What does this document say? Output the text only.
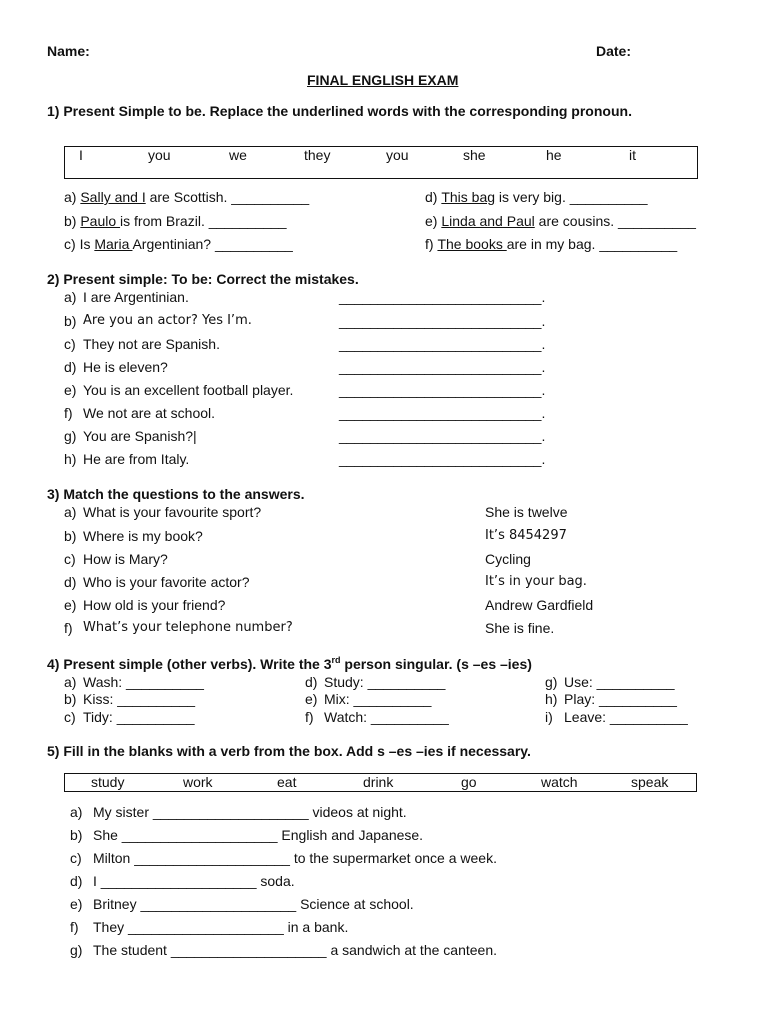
Name:	Date:
FINAL ENGLISH EXAM
1) Present Simple to be. Replace the underlined words with the corresponding pronoun.
I	you	we	they	you	she	he	it
a) Sally and I are Scottish. __________
b) Paulo is from Brazil. __________
c) Is Maria Argentinian? __________
d) This bag is very big. __________
e) Linda and Paul are cousins. __________
f) The books are in my bag. __________
2) Present simple: To be: Correct the mistakes.
a) I are Argentinian.	__________________________.
b) Are you an actor? Yes I’m.	__________________________.
c) They not are Spanish.	__________________________.
d) He is eleven?	__________________________.
e) You is an excellent football player.	__________________________.
f) We not are at school.	__________________________.
g) You are Spanish?|	__________________________.
h) He are from Italy.	__________________________.
3) Match the questions to the answers.
a) What is your favourite sport?	She is twelve
b) Where is my book?	It’s 8454297
c) How is Mary?	Cycling
d) Who is your favorite actor?	It’s in your bag.
e) How old is your friend?	Andrew Gardfield
f) What’s your telephone number?	She is fine.
4) Present simple (other verbs). Write the 3rd person singular. (s –es –ies)
a) Wash: __________
b) Kiss: __________
c) Tidy: __________
d) Study: __________
e) Mix: __________
f) Watch: __________
g) Use: __________
h) Play: __________
i) Leave: __________
5) Fill in the blanks with a verb from the box. Add s –es –ies if necessary.
study	work	eat	drink	go	watch	speak
a) My sister ____________________ videos at night.
b) She ____________________ English and Japanese.
c) Milton ____________________ to the supermarket once a week.
d) I ____________________ soda.
e) Britney ____________________ Science at school.
f) They ____________________ in a bank.
g) The student ____________________ a sandwich at the canteen.
